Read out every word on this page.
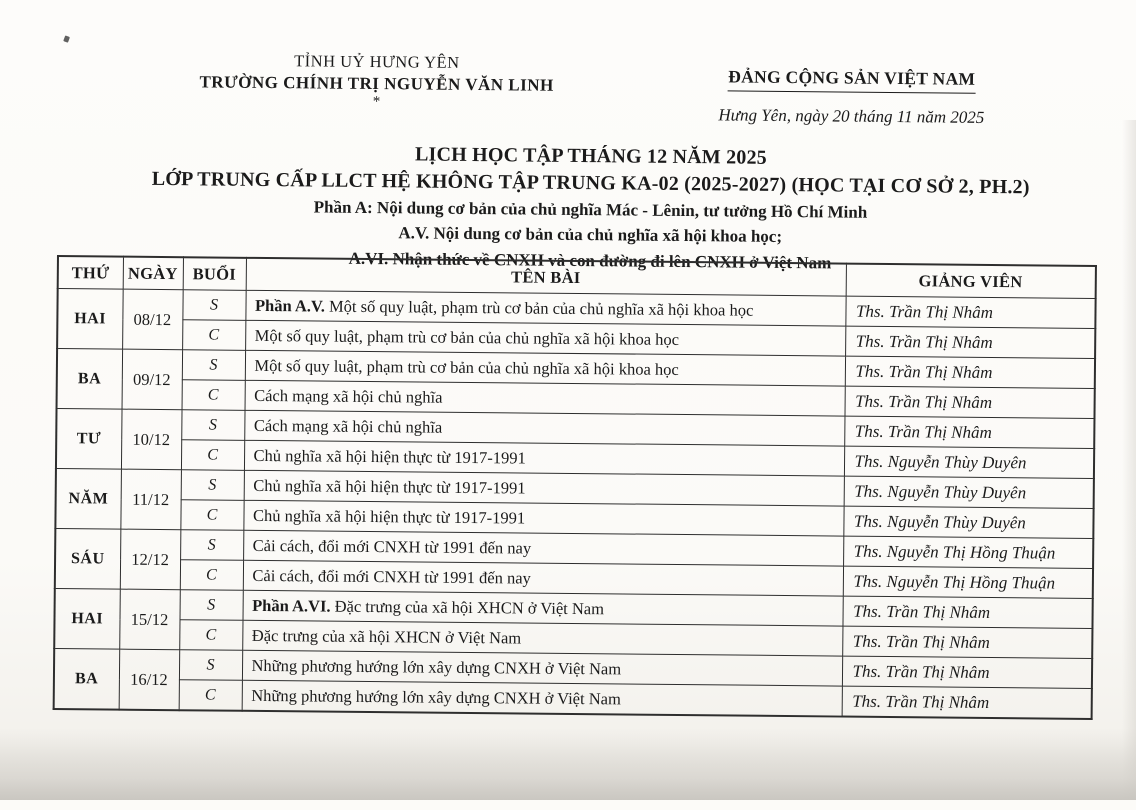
TỈNH UỶ HƯNG YÊN
TRƯỜNG CHÍNH TRỊ NGUYỄN VĂN LINH
*
ĐẢNG CỘNG SẢN VIỆT NAM
Hưng Yên, ngày 20 tháng 11 năm 2025
LỊCH HỌC TẬP THÁNG 12 NĂM 2025
LỚP TRUNG CẤP LLCT HỆ KHÔNG TẬP TRUNG KA-02 (2025-2027) (HỌC TẠI CƠ SỞ 2, PH.2)
Phần A: Nội dung cơ bản của chủ nghĩa Mác - Lênin, tư tưởng Hồ Chí Minh
A.V. Nội dung cơ bản của chủ nghĩa xã hội khoa học;
A.VI. Nhận thức về CNXH và con đường đi lên CNXH ở Việt Nam
THỨ	NGÀY	BUỔI	TÊN BÀI	GIẢNG VIÊN
HAI	08/12	S	Phần A.V. Một số quy luật, phạm trù cơ bản của chủ nghĩa xã hội khoa học	Ths. Trần Thị Nhâm
		C	Một số quy luật, phạm trù cơ bản của chủ nghĩa xã hội khoa học	Ths. Trần Thị Nhâm
BA	09/12	S	Một số quy luật, phạm trù cơ bản của chủ nghĩa xã hội khoa học	Ths. Trần Thị Nhâm
		C	Cách mạng xã hội chủ nghĩa	Ths. Trần Thị Nhâm
TƯ	10/12	S	Cách mạng xã hội chủ nghĩa	Ths. Trần Thị Nhâm
		C	Chủ nghĩa xã hội hiện thực từ 1917-1991	Ths. Nguyễn Thùy Duyên
NĂM	11/12	S	Chủ nghĩa xã hội hiện thực từ 1917-1991	Ths. Nguyễn Thùy Duyên
		C	Chủ nghĩa xã hội hiện thực từ 1917-1991	Ths. Nguyễn Thùy Duyên
SÁU	12/12	S	Cải cách, đổi mới CNXH từ 1991 đến nay	Ths. Nguyễn Thị Hồng Thuận
		C	Cải cách, đổi mới CNXH từ 1991 đến nay	Ths. Nguyễn Thị Hồng Thuận
HAI	15/12	S	Phần A.VI. Đặc trưng của xã hội XHCN ở Việt Nam	Ths. Trần Thị Nhâm
		C	Đặc trưng của xã hội XHCN ở Việt Nam	Ths. Trần Thị Nhâm
BA	16/12	S	Những phương hướng lớn xây dựng CNXH ở Việt Nam	Ths. Trần Thị Nhâm
		C	Những phương hướng lớn xây dựng CNXH ở Việt Nam	Ths. Trần Thị Nhâm
